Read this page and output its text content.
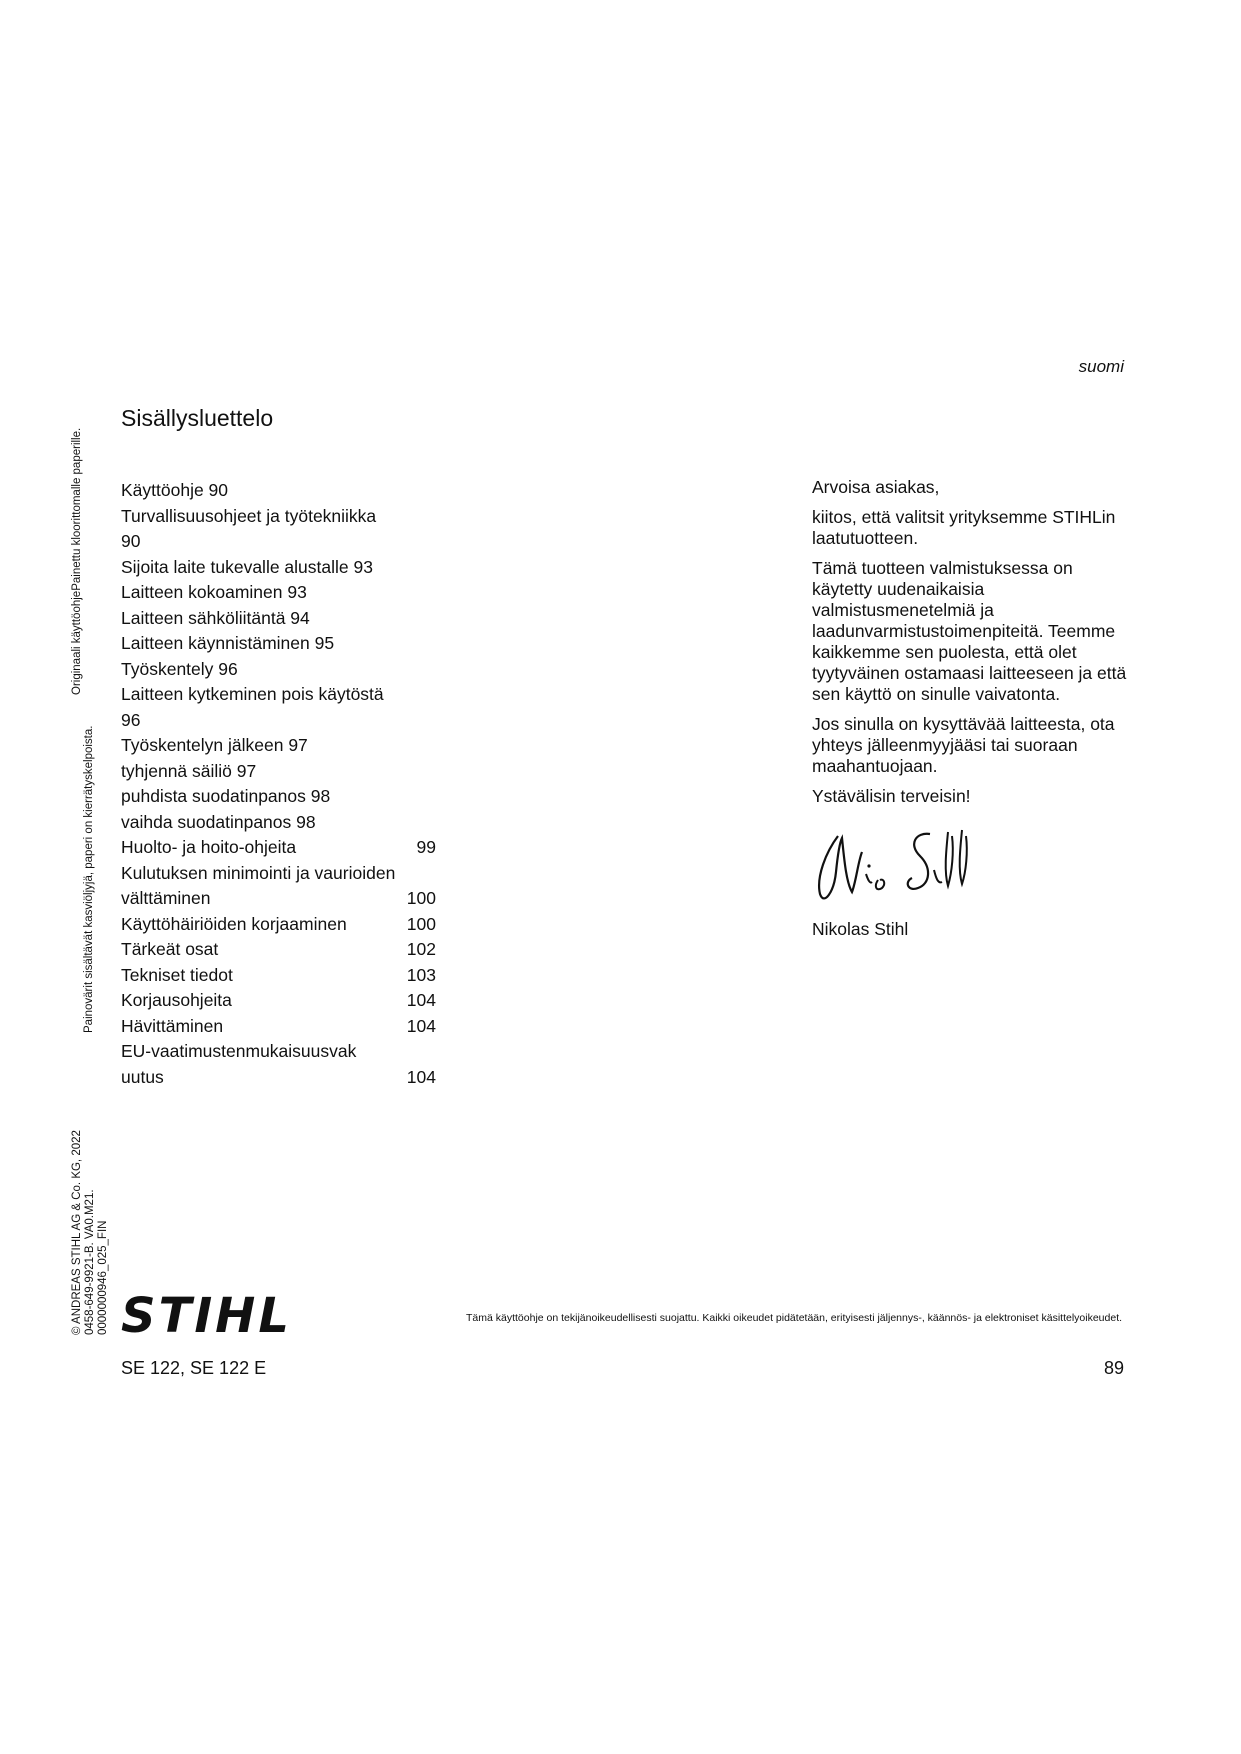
suomi
Sisällysluettelo
Käyttöohje 90
Turvallisuusohjeet ja työtekniikka 90
Sijoita laite tukevalle alustalle 93
Laitteen kokoaminen 93
Laitteen sähköliitäntä 94
Laitteen käynnistäminen 95
Työskentely 96
Laitteen kytkeminen pois käytöstä 96
Työskentelyn jälkeen 97
tyhjennä säiliö 97
puhdista suodatinpanos 98
vaihda suodatinpanos 98
Huolto- ja hoito-ohjeita	99
Kulutuksen minimointi ja vaurioiden välttäminen	100
Käyttöhäiriöiden korjaaminen	100
Tärkeät osat	102
Tekniset tiedot	103
Korjausohjeita	104
Hävittäminen	104
EU-vaatimustenmukaisuusvakuutus	104

Arvoisa asiakas,

kiitos, että valitsit yrityksemme STIHLin laatutuotteen.

Tämä tuotteen valmistuksessa on käytetty uudenaikaisia valmistusmenetelmiä ja laadunvarmistustoimenpiteitä. Teemme kaikkemme sen puolesta, että olet tyytyväinen ostamaasi laitteeseen ja että sen käyttö on sinulle vaivatonta.

Jos sinulla on kysyttävää laitteesta, ota yhteys jälleenmyyjääsi tai suoraan maahantuojaan.

Ystävälisin terveisin!

Nikolas Stihl
Originaali käyttöohjePainettu kloorittomalle paperille.
Painovärit sisältävät kasviöljyjä, paperi on kierrätyskelpoista.
© ANDREAS STIHL AG & Co. KG, 2022 0458-649-9921-B. VA0.M21. 0000000946_025_FIN STIHL	Tämä käyttöohje on tekijänoikeudellisesti suojattu. Kaikki oikeudet pidätetään, erityisesti jäljennys-, käännös- ja elektroniset käsittelyoikeudet.
SE 122, SE 122 E	89
